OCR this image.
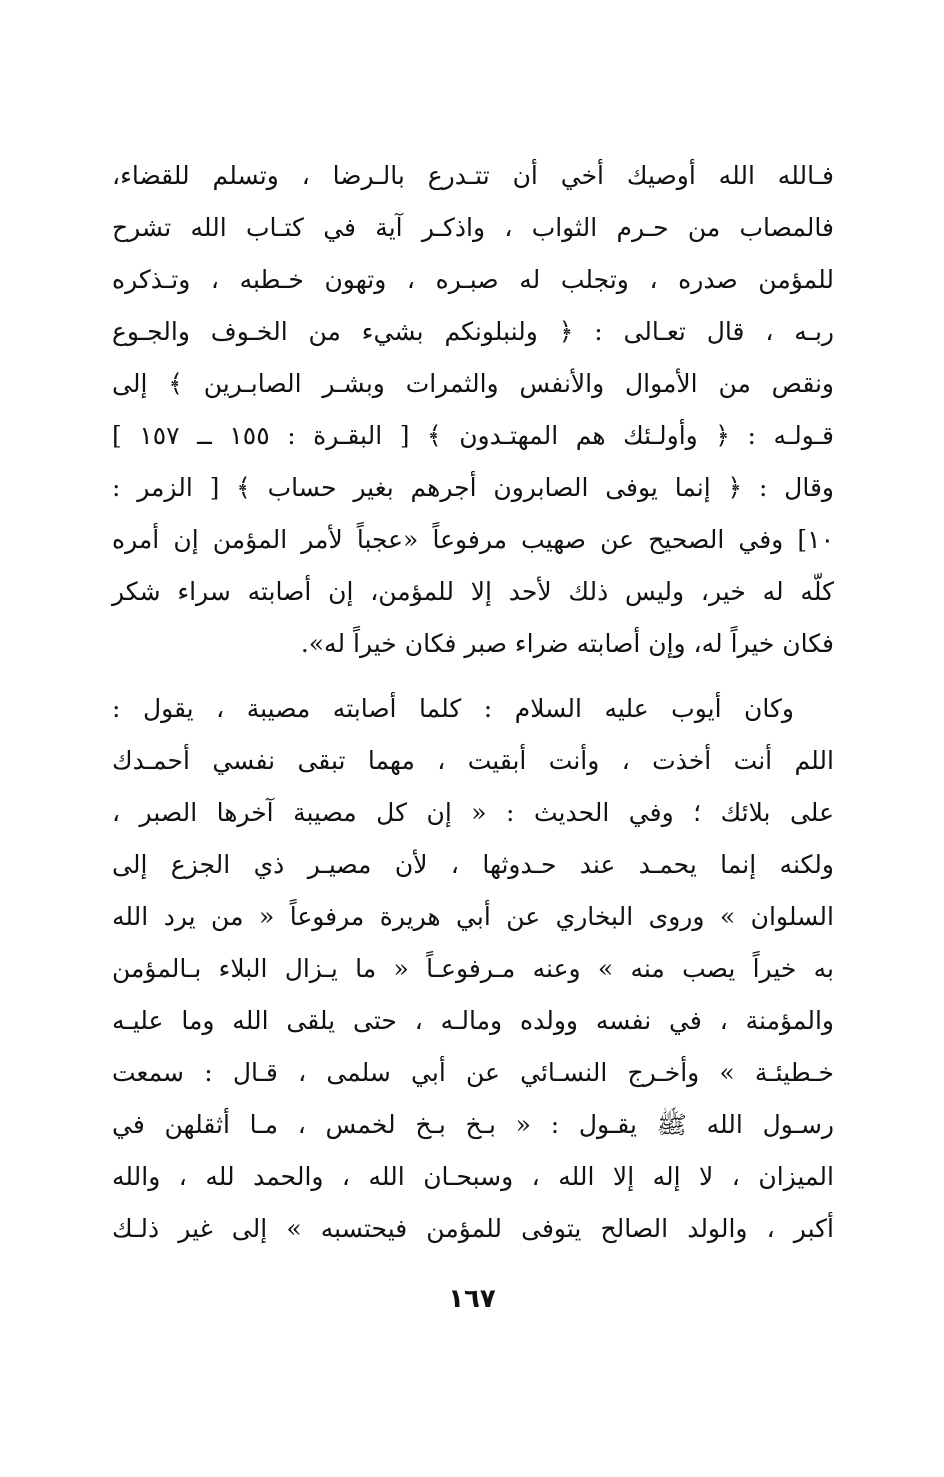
فـالله الله أوصيك أخي أن تتـدرع بالـرضا ، وتسلم للقضاء،
فالمصاب من حـرم الثواب ، واذكـر آية في كتـاب الله تشرح
للمؤمن صدره ، وتجلب له صبـره ، وتهون خـطبه ، وتـذكره
ربـه ، قال تعـالى : ﴿ ولنبلونكم بشيء من الخـوف والجـوع
ونقص من الأموال والأنفس والثمرات وبشـر الصابـرين ﴾ إلى
قـولـه : ﴿ وأولـئك هم المهتـدون ﴾ [ البقـرة : ١٥٥ ــ ١٥٧ ]
وقال : ﴿ إنما يوفى الصابرون أجرهم بغير حساب ﴾ [ الزمر :
١٠] وفي الصحيح عن صهيب مرفوعاً «عجباً لأمر المؤمن إن أمره
كلّه له خير، وليس ذلك لأحد إلا للمؤمن، إن أصابته سراء شكر
فكان خيراً له، وإن أصابته ضراء صبر فكان خيراً له».
وكان أيوب عليه السلام : كلما أصابته مصيبة ، يقول :
اللم أنت أخذت ، وأنت أبقيت ، مهما تبقى نفسي أحمـدك
على بلائك ؛ وفي الحديث : « إن كل مصيبة آخرها الصبر ،
ولكنه إنما يحمـد عند حـدوثها ، لأن مصيـر ذي الجزع إلى
السلوان » وروى البخاري عن أبي هريرة مرفوعاً « من يرد الله
به خيراً يصب منه » وعنه مـرفوعـاً « ما يـزال البلاء بـالمؤمن
والمؤمنة ، في نفسه وولده ومالـه ، حتى يلقى الله وما عليـه
خـطيئـة » وأخـرج النسـائي عن أبي سلمى ، قـال : سمعت
رسـول الله ﷺ يقـول : « بـخ بـخ لخمس ، مـا أثقلهن في
الميزان ، لا إله إلا الله ، وسبحـان الله ، والحمد لله ، والله
أكبر ، والولد الصالح يتوفى للمؤمن فيحتسبه » إلى غير ذلـك
١٦٧
